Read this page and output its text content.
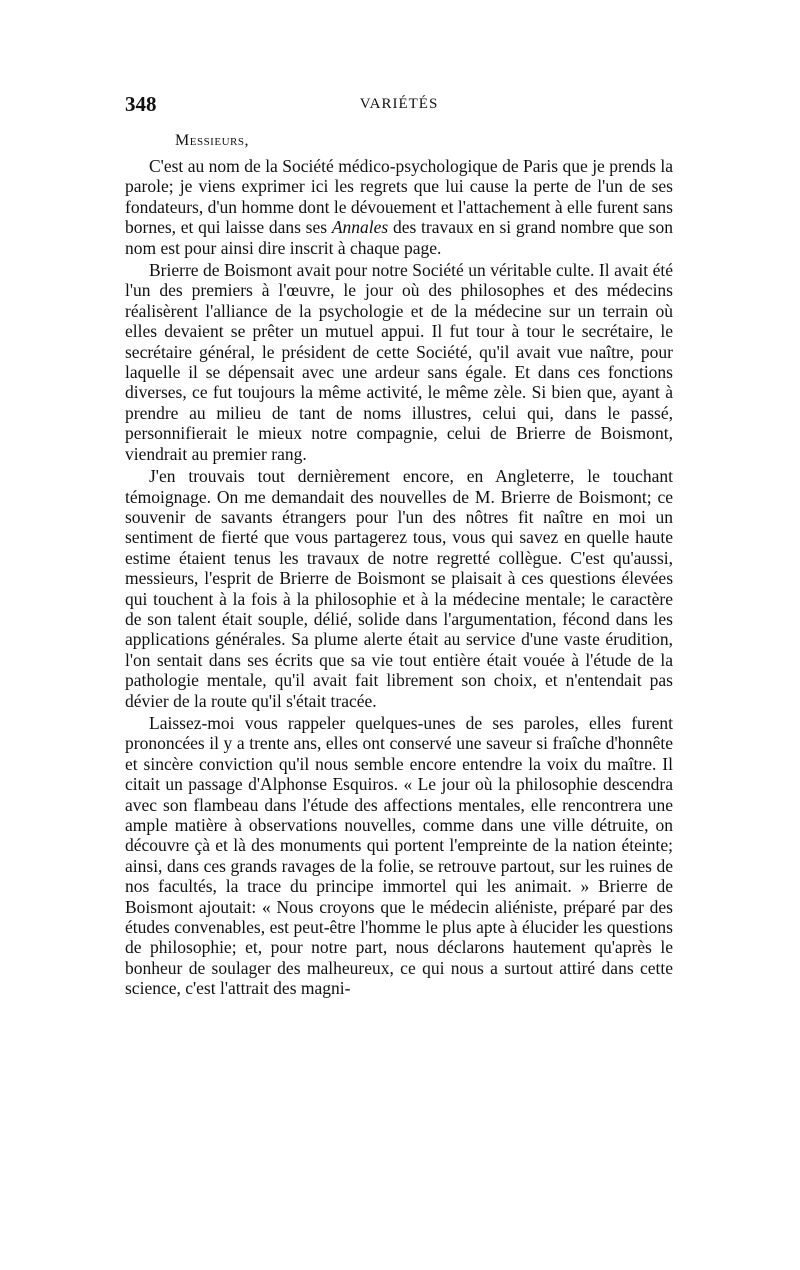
348	VARIÉTÉS
Messieurs,

C'est au nom de la Société médico-psychologique de Paris que je prends la parole; je viens exprimer ici les regrets que lui cause la perte de l'un de ses fondateurs, d'un homme dont le dévouement et l'attachement à elle furent sans bornes, et qui laisse dans ses Annales des travaux en si grand nombre que son nom est pour ainsi dire inscrit à chaque page.

Brierre de Boismont avait pour notre Société un véritable culte. Il avait été l'un des premiers à l'œuvre, le jour où des philosophes et des médecins réalisèrent l'alliance de la psychologie et de la médecine sur un terrain où elles devaient se prêter un mutuel appui. Il fut tour à tour le secrétaire, le secrétaire général, le président de cette Société, qu'il avait vue naître, pour laquelle il se dépensait avec une ardeur sans égale. Et dans ces fonctions diverses, ce fut toujours la même activité, le même zèle. Si bien que, ayant à prendre au milieu de tant de noms illustres, celui qui, dans le passé, personnifierait le mieux notre compagnie, celui de Brierre de Boismont, viendrait au premier rang.

J'en trouvais tout dernièrement encore, en Angleterre, le touchant témoignage. On me demandait des nouvelles de M. Brierre de Boismont; ce souvenir de savants étrangers pour l'un des nôtres fit naître en moi un sentiment de fierté que vous partagerez tous, vous qui savez en quelle haute estime étaient tenus les travaux de notre regretté collègue. C'est qu'aussi, messieurs, l'esprit de Brierre de Boismont se plaisait à ces questions élevées qui touchent à la fois à la philosophie et à la médecine mentale; le caractère de son talent était souple, délié, solide dans l'argumentation, fécond dans les applications générales. Sa plume alerte était au service d'une vaste érudition, l'on sentait dans ses écrits que sa vie tout entière était vouée à l'étude de la pathologie mentale, qu'il avait fait librement son choix, et n'entendait pas dévier de la route qu'il s'était tracée.

Laissez-moi vous rappeler quelques-unes de ses paroles, elles furent prononcées il y a trente ans, elles ont conservé une saveur si fraîche d'honnête et sincère conviction qu'il nous semble encore entendre la voix du maître. Il citait un passage d'Alphonse Esquiros. « Le jour où la philosophie descendra avec son flambeau dans l'étude des affections mentales, elle rencontrera une ample matière à observations nouvelles, comme dans une ville détruite, on découvre çà et là des monuments qui portent l'empreinte de la nation éteinte; ainsi, dans ces grands ravages de la folie, se retrouve partout, sur les ruines de nos facultés, la trace du principe immortel qui les animait. » Brierre de Boismont ajoutait: « Nous croyons que le médecin aliéniste, préparé par des études convenables, est peut-être l'homme le plus apte à élucider les questions de philosophie; et, pour notre part, nous déclarons hautement qu'après le bonheur de soulager des malheureux, ce qui nous a surtout attiré dans cette science, c'est l'attrait des magni-
